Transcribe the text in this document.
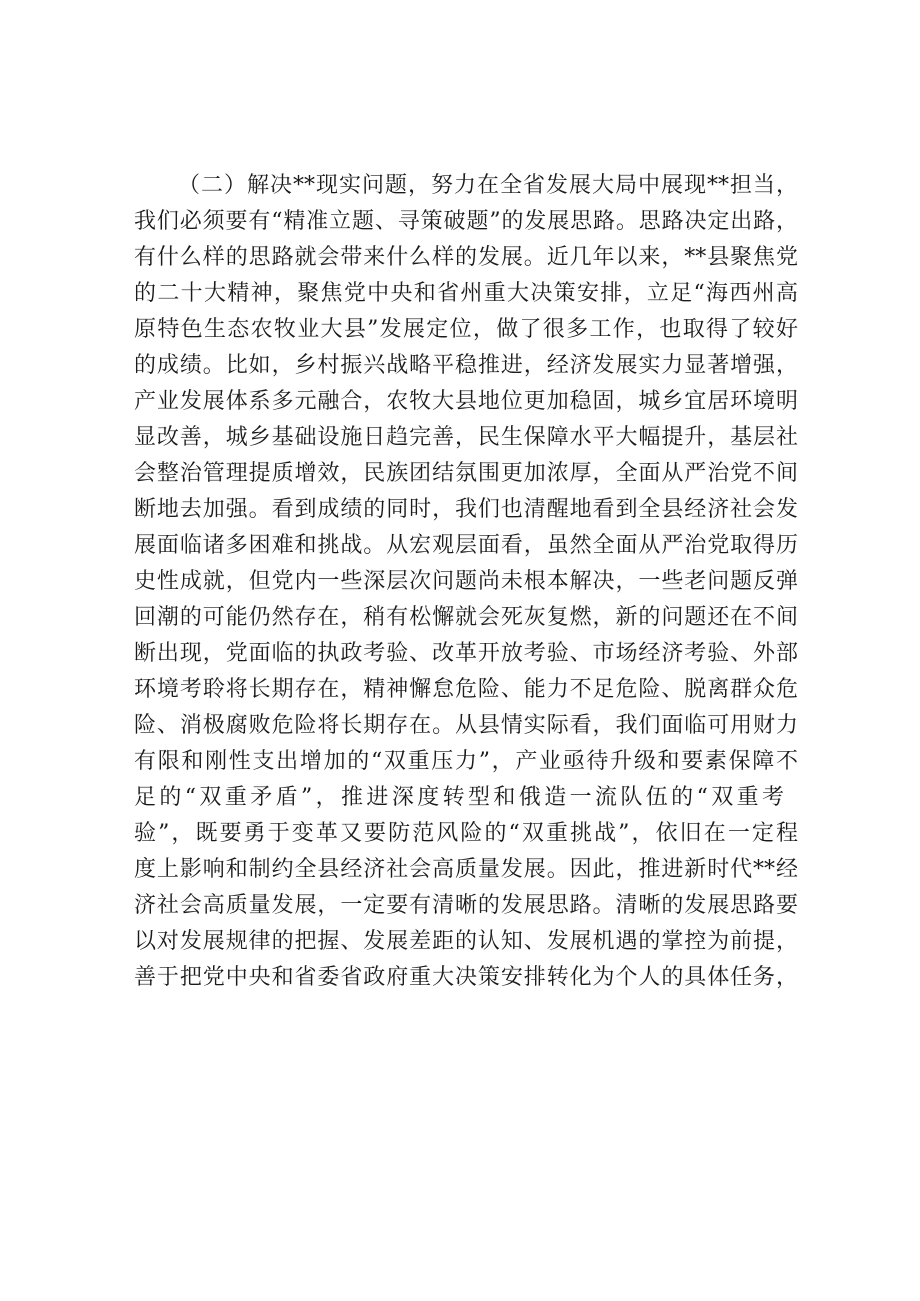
（二）解决**现实问题，努力在全省发展大局中展现**担当，
我们必须要有“精准立题、寻策破题”的发展思路。思路决定出路，
有什么样的思路就会带来什么样的发展。近几年以来，**县聚焦党
的二十大精神，聚焦党中央和省州重大决策安排，立足“海西州高
原特色生态农牧业大县”发展定位，做了很多工作，也取得了较好
的成绩。比如，乡村振兴战略平稳推进，经济发展实力显著增强，
产业发展体系多元融合，农牧大县地位更加稳固，城乡宜居环境明
显改善，城乡基础设施日趋完善，民生保障水平大幅提升，基层社
会整治管理提质增效，民族团结氛围更加浓厚，全面从严治党不间
断地去加强。看到成绩的同时，我们也清醒地看到全县经济社会发
展面临诸多困难和挑战。从宏观层面看，虽然全面从严治党取得历
史性成就，但党内一些深层次问题尚未根本解决，一些老问题反弹
回潮的可能仍然存在，稍有松懈就会死灰复燃，新的问题还在不间
断出现，党面临的执政考验、改革开放考验、市场经济考验、外部
环境考聆将长期存在，精神懈怠危险、能力不足危险、脱离群众危
险、消极腐败危险将长期存在。从县情实际看，我们面临可用财力
有限和刚性支出增加的“双重压力”，产业亟待升级和要素保障不
足的“双重矛盾”，推进深度转型和俄造一流队伍的“双重考
验”，既要勇于变革又要防范风险的“双重挑战”，依旧在一定程
度上影响和制约全县经济社会高质量发展。因此，推进新时代**经
济社会高质量发展，一定要有清晰的发展思路。清晰的发展思路要
以对发展规律的把握、发展差距的认知、发展机遇的掌控为前提，
善于把党中央和省委省政府重大决策安排转化为个人的具体任务，
